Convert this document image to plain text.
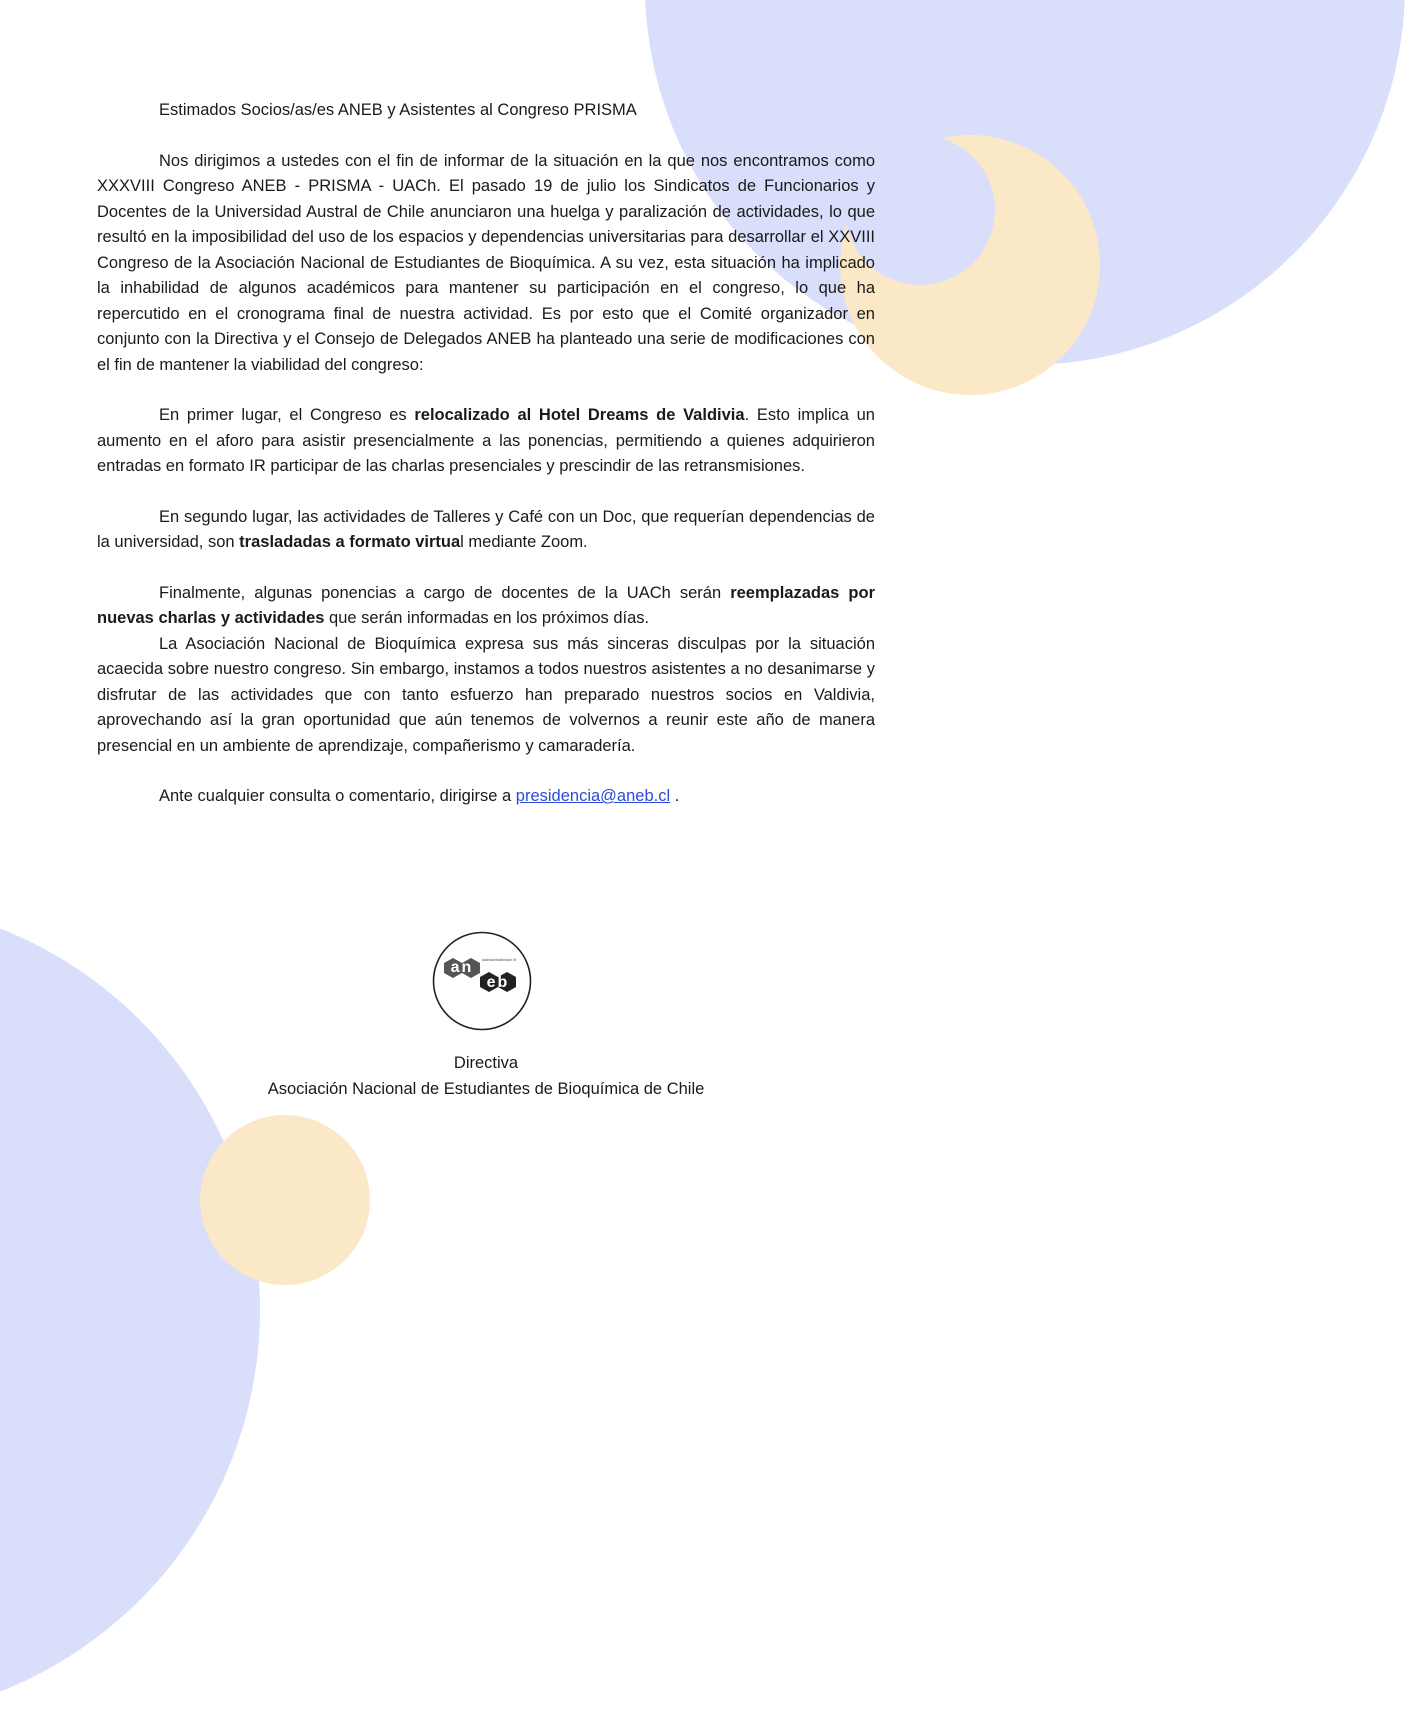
Estimados Socios/as/es ANEB y Asistentes al Congreso PRISMA

Nos dirigimos a ustedes con el fin de informar de la situación en la que nos encontramos como XXXVIII Congreso ANEB - PRISMA - UACh. El pasado 19 de julio los Sindicatos de Funcionarios y Docentes de la Universidad Austral de Chile anunciaron una huelga y paralización de actividades, lo que resultó en la imposibilidad del uso de los espacios y dependencias universitarias para desarrollar el XXVIII Congreso de la Asociación Nacional de Estudiantes de Bioquímica. A su vez, esta situación ha implicado la inhabilidad de algunos académicos para mantener su participación en el congreso, lo que ha repercutido en el cronograma final de nuestra actividad. Es por esto que el Comité organizador en conjunto con la Directiva y el Consejo de Delegados ANEB ha planteado una serie de modificaciones con el fin de mantener la viabilidad del congreso:

En primer lugar, el Congreso es relocalizado al Hotel Dreams de Valdivia. Esto implica un aumento en el aforo para asistir presencialmente a las ponencias, permitiendo a quienes adquirieron entradas en formato IR participar de las charlas presenciales y prescindir de las retransmisiones.

En segundo lugar, las actividades de Talleres y Café con un Doc, que requerían dependencias de la universidad, son trasladadas a formato virtual mediante Zoom.

Finalmente, algunas ponencias a cargo de docentes de la UACh serán reemplazadas por nuevas charlas y actividades que serán informadas en los próximos días.

La Asociación Nacional de Bioquímica expresa sus más sinceras disculpas por la situación acaecida sobre nuestro congreso. Sin embargo, instamos a todos nuestros asistentes a no desanimarse y disfrutar de las actividades que con tanto esfuerzo han preparado nuestros socios en Valdivia, aprovechando así la gran oportunidad que aún tenemos de volvernos a reunir este año de manera presencial en un ambiente de aprendizaje, compañerismo y camaradería.

Ante cualquier consulta o comentario, dirigirse a presidencia@aneb.cl .

an
eb
Asociación Nacional de Estudiantes de Bioquímica · Chile
Directiva
Asociación Nacional de Estudiantes de Bioquímica de Chile
